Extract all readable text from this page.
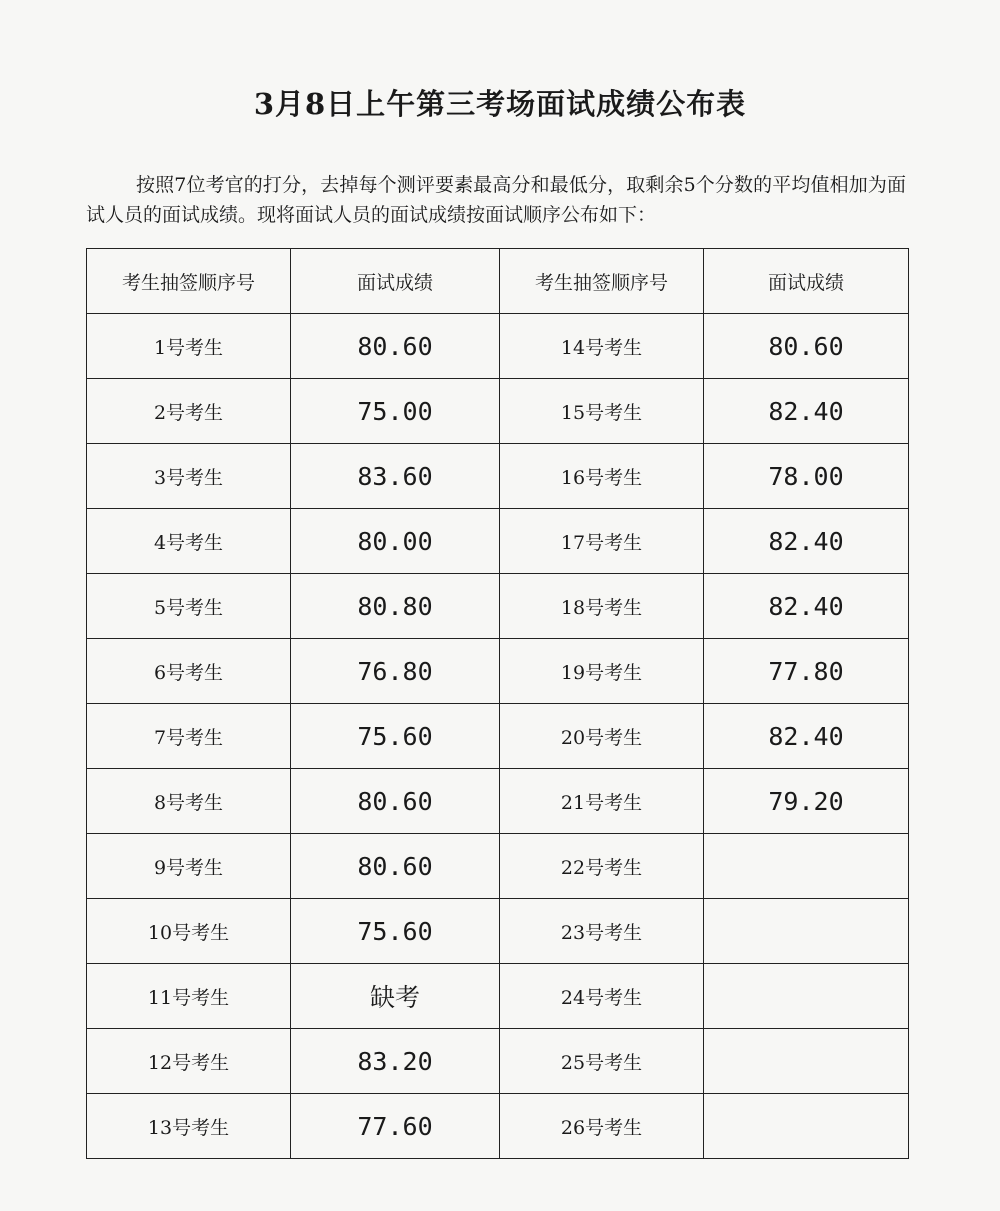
3月8日上午第三考场面试成绩公布表
按照7位考官的打分，去掉每个测评要素最高分和最低分，取剩余5个分数的平均值相加为面试人员的面试成绩。现将面试人员的面试成绩按面试顺序公布如下：
考生抽签顺序号	面试成绩	考生抽签顺序号	面试成绩
1号考生	80.60	14号考生	80.60
2号考生	75.00	15号考生	82.40
3号考生	83.60	16号考生	78.00
4号考生	80.00	17号考生	82.40
5号考生	80.80	18号考生	82.40
6号考生	76.80	19号考生	77.80
7号考生	75.60	20号考生	82.40
8号考生	80.60	21号考生	79.20
9号考生	80.60	22号考生	
10号考生	75.60	23号考生	
11号考生	缺考	24号考生	
12号考生	83.20	25号考生	
13号考生	77.60	26号考生	
